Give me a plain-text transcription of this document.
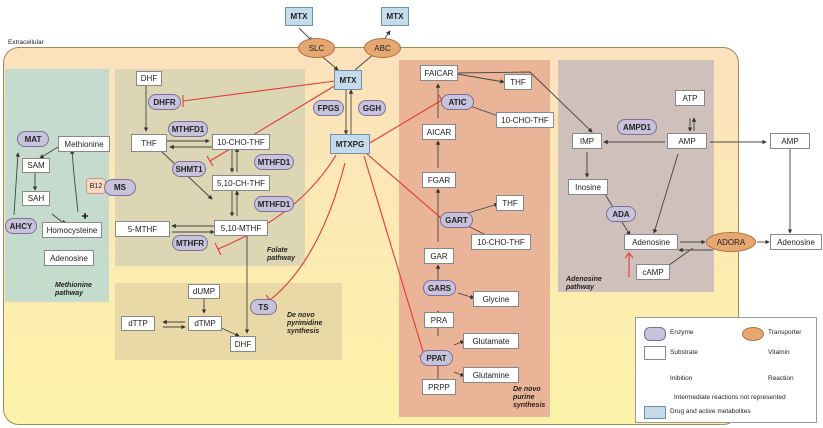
Extracellular
MTX	MTX
SLC	ABC
MTX
MTXPG
FPGS	GGH
DHF
DHFR
MTHFD1
THF	10-CHO-THF
MTHFD1
SHMT1
5,10-CH-THF
MTHFD1
5-MTHF	5,10-MTHF
MTHFR
Folate
pathway
MAT
Methionine
SAM
SAH
B12	MS
AHCY	Homocysteine
Adenosine
Methionine
pathway	dUMP
TS
dTTP	dTMP
DHF
De novo
pyrimidine
synthesis
FAICAR
THF
ATIC
10-CHO-THF
AICAR
FGAR
THF
GART
10-CHO-THF
GAR
GARS
Glycine
PRA
Glutamate
PPAT
Glutamine
PRPP	De novo
purine
synthesis
ATP
AMPD1
IMP	AMP	AMP
Inosine
ADA
Adenosine	ADORA	Adenosine
cAMP
Adenosine
pathway
Enzyme	Transporter
Substrate	Vitamin
Inibition	Reaction
Intermediate reactions not represented
Drug and active metabolites
